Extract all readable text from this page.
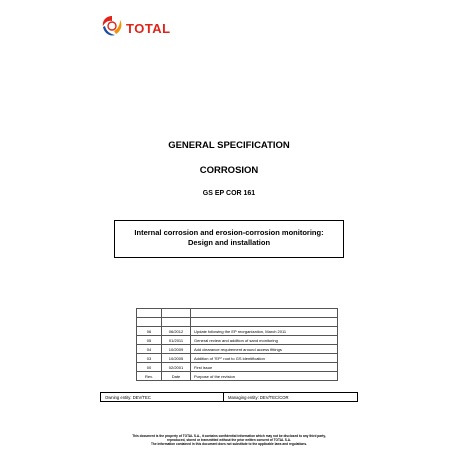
TOTAL
GENERAL SPECIFICATION
CORROSION
GS EP COR 161
Internal corrosion and erosion-corrosion monitoring:
Design and installation

06	06/2012	Update following the EP reorganization, March 2011
05	01/2011	General review and addition of sand monitoring
04	10/2009	Add clearance requirement around access fittings
03	10/2005	Addition of "EP" root to GS identification
00	02/2001	First issue
Rev.	Date	Purpose of the revision
Owning entity: DEV/TEC	Managing entity: DEV/TEC/COR
This document is the property of TOTAL S.A., it contains confidential information which may not be disclosed to any third party,
reproduced, stored or transmitted without the prior written consent of TOTAL S.A.
The information contained in this document does not substitute to the applicable laws and regulations.
